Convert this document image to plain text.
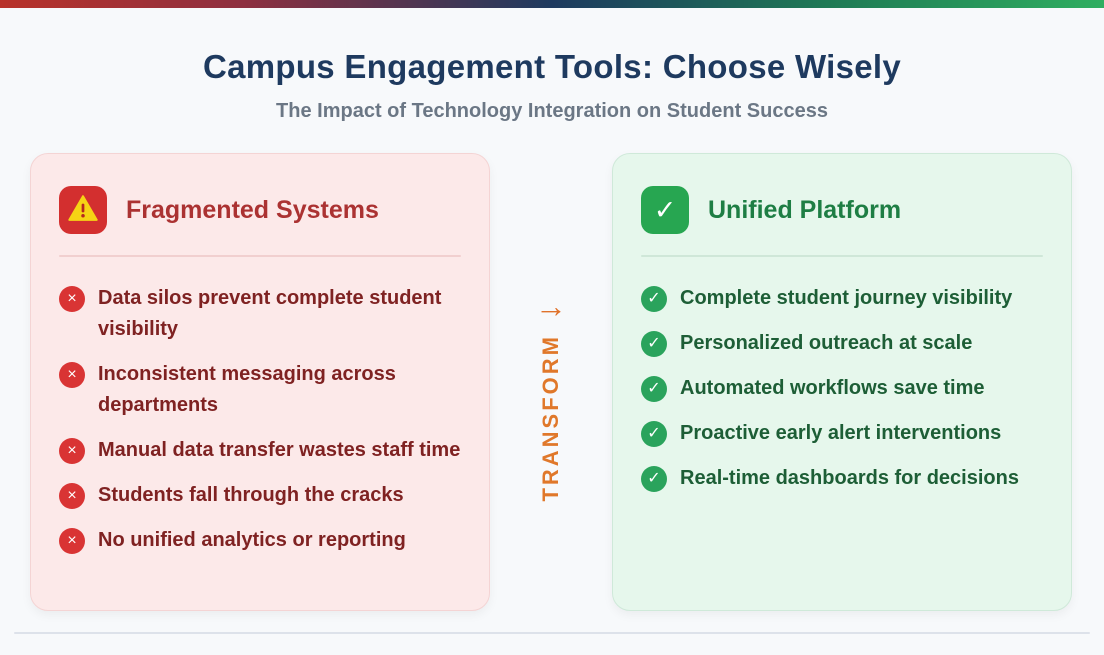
Campus Engagement Tools: Choose Wisely
The Impact of Technology Integration on Student Success
Fragmented Systems
×	Data silos prevent complete student visibility
×	Inconsistent messaging across departments
×	Manual data transfer wastes staff time
×	Students fall through the cracks
×	No unified analytics or reporting
→
TRANSFORM
✓ Unified Platform
✓ Complete student journey visibility
✓ Personalized outreach at scale
✓ Automated workflows save time
✓ Proactive early alert interventions
✓ Real-time dashboards for decisions
